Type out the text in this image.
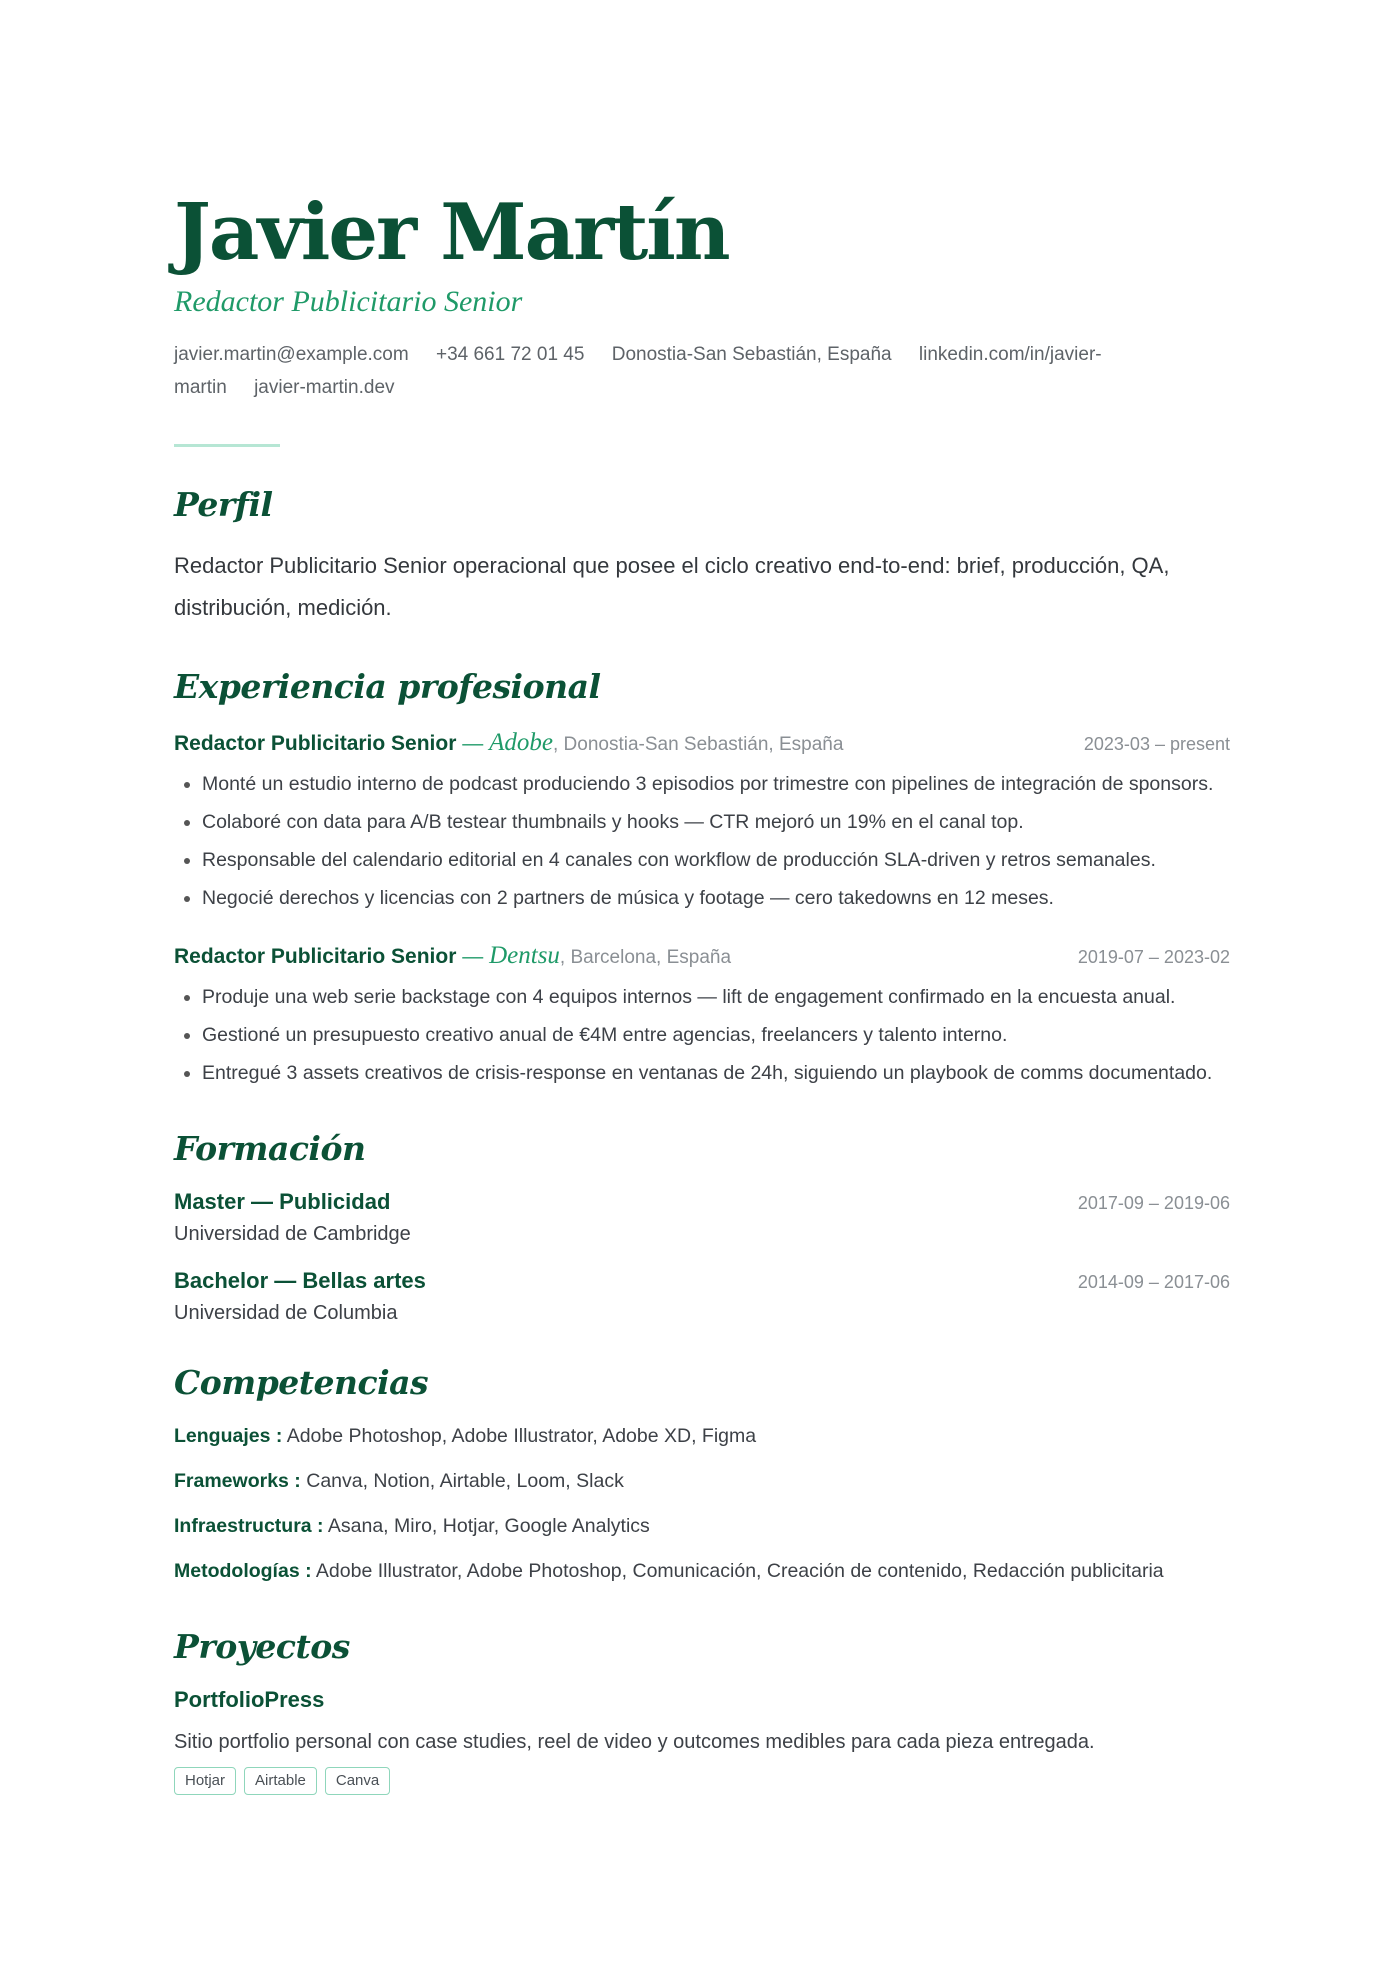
Javier Martín
Redactor Publicitario Senior
javier.martin@example.com +34 661 72 01 45 Donostia-San Sebastián, España linkedin.com/in/javier-martin javier-martin.dev
Perfil
Redactor Publicitario Senior operacional que posee el ciclo creativo end-to-end: brief, producción, QA, distribución, medición.
Experiencia profesional
Redactor Publicitario Senior — Adobe, Donostia-San Sebastián, España	2023-03 – present
• Monté un estudio interno de podcast produciendo 3 episodios por trimestre con pipelines de integración de sponsors.
• Colaboré con data para A/B testear thumbnails y hooks — CTR mejoró un 19% en el canal top.
• Responsable del calendario editorial en 4 canales con workflow de producción SLA-driven y retros semanales.
• Negocié derechos y licencias con 2 partners de música y footage — cero takedowns en 12 meses.
Redactor Publicitario Senior — Dentsu, Barcelona, España	2019-07 – 2023-02
• Produje una web serie backstage con 4 equipos internos — lift de engagement confirmado en la encuesta anual.
• Gestioné un presupuesto creativo anual de €4M entre agencias, freelancers y talento interno.
• Entregué 3 assets creativos de crisis-response en ventanas de 24h, siguiendo un playbook de comms documentado.
Formación
Master — Publicidad	2017-09 – 2019-06
Universidad de Cambridge
Bachelor — Bellas artes	2014-09 – 2017-06
Universidad de Columbia
Competencias
Lenguajes : Adobe Photoshop, Adobe Illustrator, Adobe XD, Figma
Frameworks : Canva, Notion, Airtable, Loom, Slack
Infraestructura : Asana, Miro, Hotjar, Google Analytics
Metodologías : Adobe Illustrator, Adobe Photoshop, Comunicación, Creación de contenido, Redacción publicitaria
Proyectos
PortfolioPress
Sitio portfolio personal con case studies, reel de video y outcomes medibles para cada pieza entregada.
Hotjar	Airtable	Canva
